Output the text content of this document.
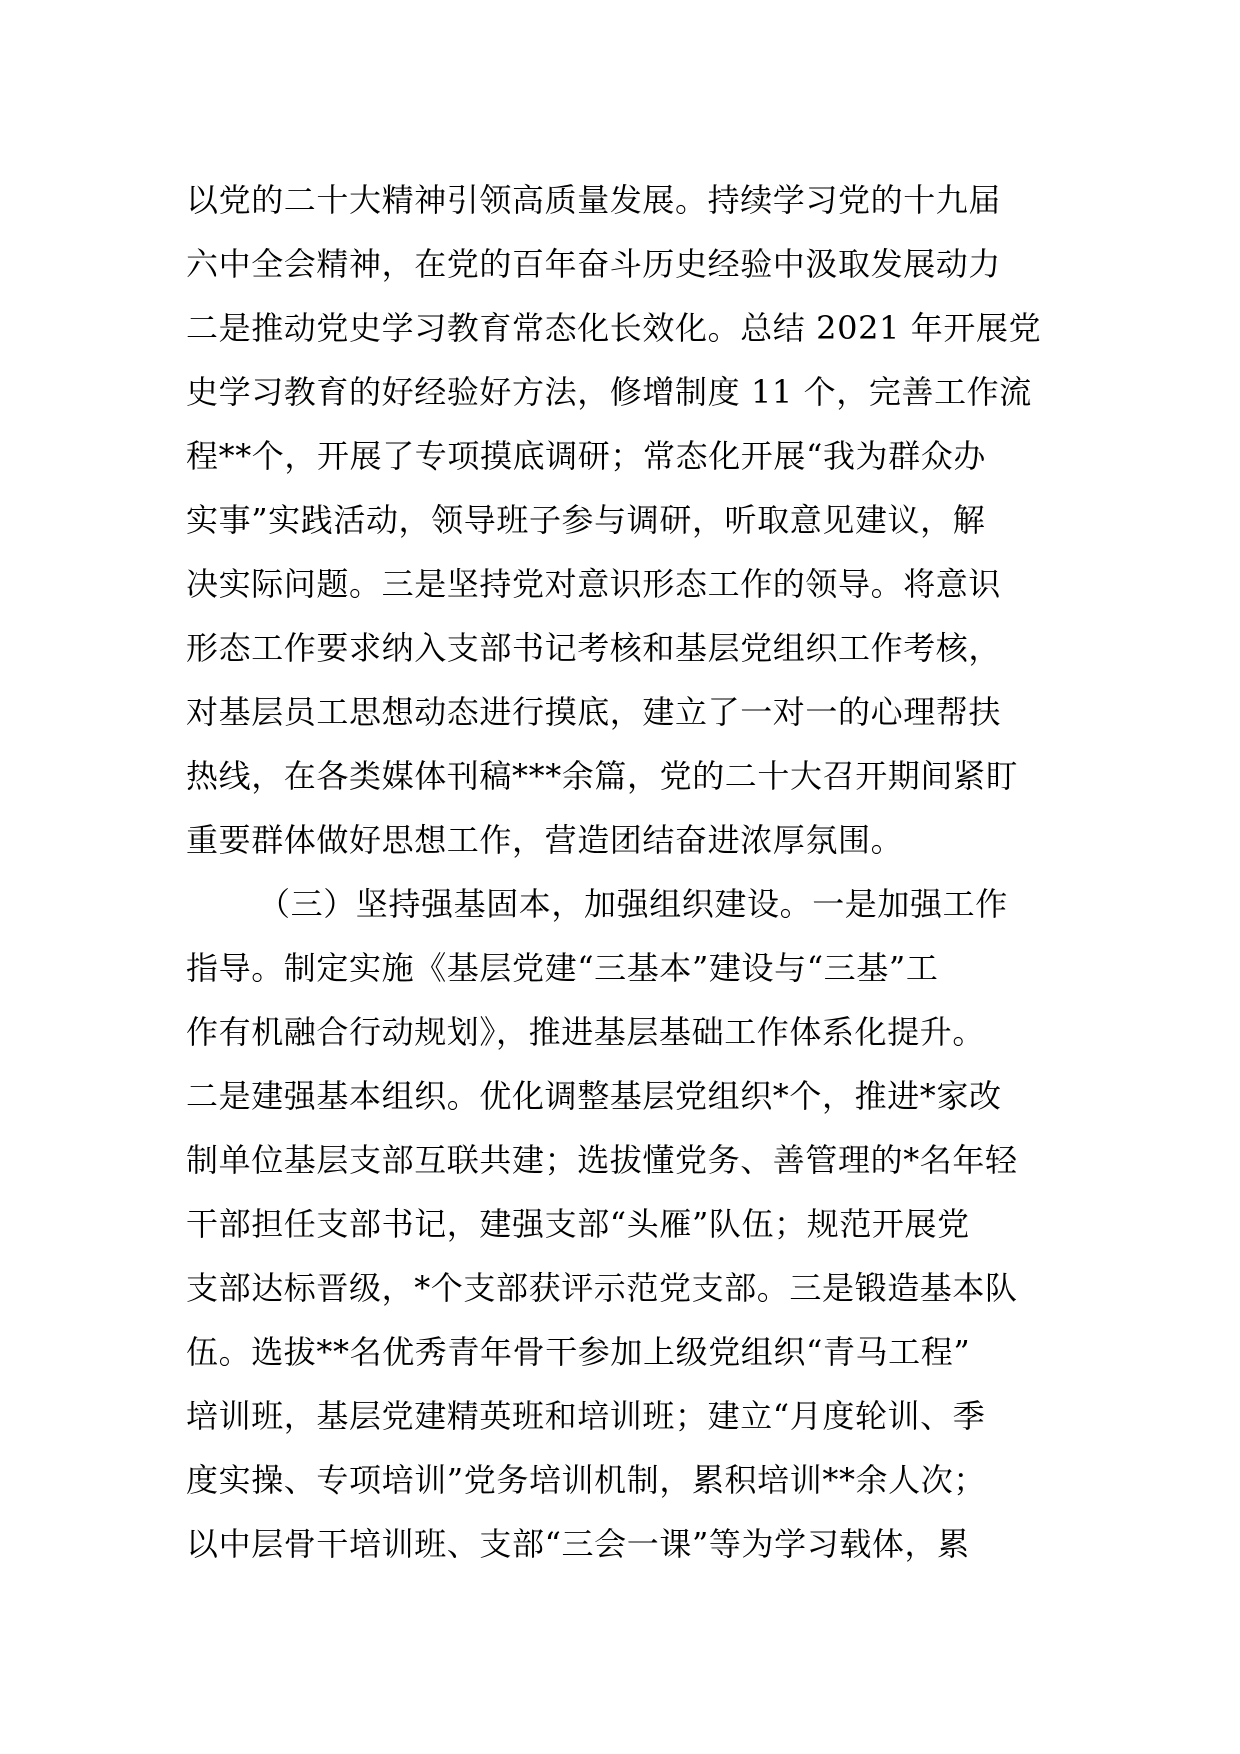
以党的二十大精神引领高质量发展。持续学习党的十九届
六中全会精神，在党的百年奋斗历史经验中汲取发展动力
二是推动党史学习教育常态化长效化。总结 2021 年开展党
史学习教育的好经验好方法，修增制度 11 个，完善工作流
程**个，开展了专项摸底调研；常态化开展“我为群众办
实事”实践活动，领导班子参与调研，听取意见建议，解
决实际问题。三是坚持党对意识形态工作的领导。将意识
形态工作要求纳入支部书记考核和基层党组织工作考核，
对基层员工思想动态进行摸底，建立了一对一的心理帮扶
热线，在各类媒体刊稿***余篇，党的二十大召开期间紧盯
重要群体做好思想工作，营造团结奋进浓厚氛围。
（三）坚持强基固本，加强组织建设。一是加强工作
指导。制定实施《基层党建“三基本”建设与“三基”工
作有机融合行动规划》，推进基层基础工作体系化提升。
二是建强基本组织。优化调整基层党组织*个，推进*家改
制单位基层支部互联共建；选拔懂党务、善管理的*名年轻
干部担任支部书记，建强支部“头雁”队伍；规范开展党
支部达标晋级，*个支部获评示范党支部。三是锻造基本队
伍。选拔**名优秀青年骨干参加上级党组织“青马工程”
培训班，基层党建精英班和培训班；建立“月度轮训、季
度实操、专项培训”党务培训机制，累积培训**余人次；
以中层骨干培训班、支部“三会一课”等为学习载体，累
